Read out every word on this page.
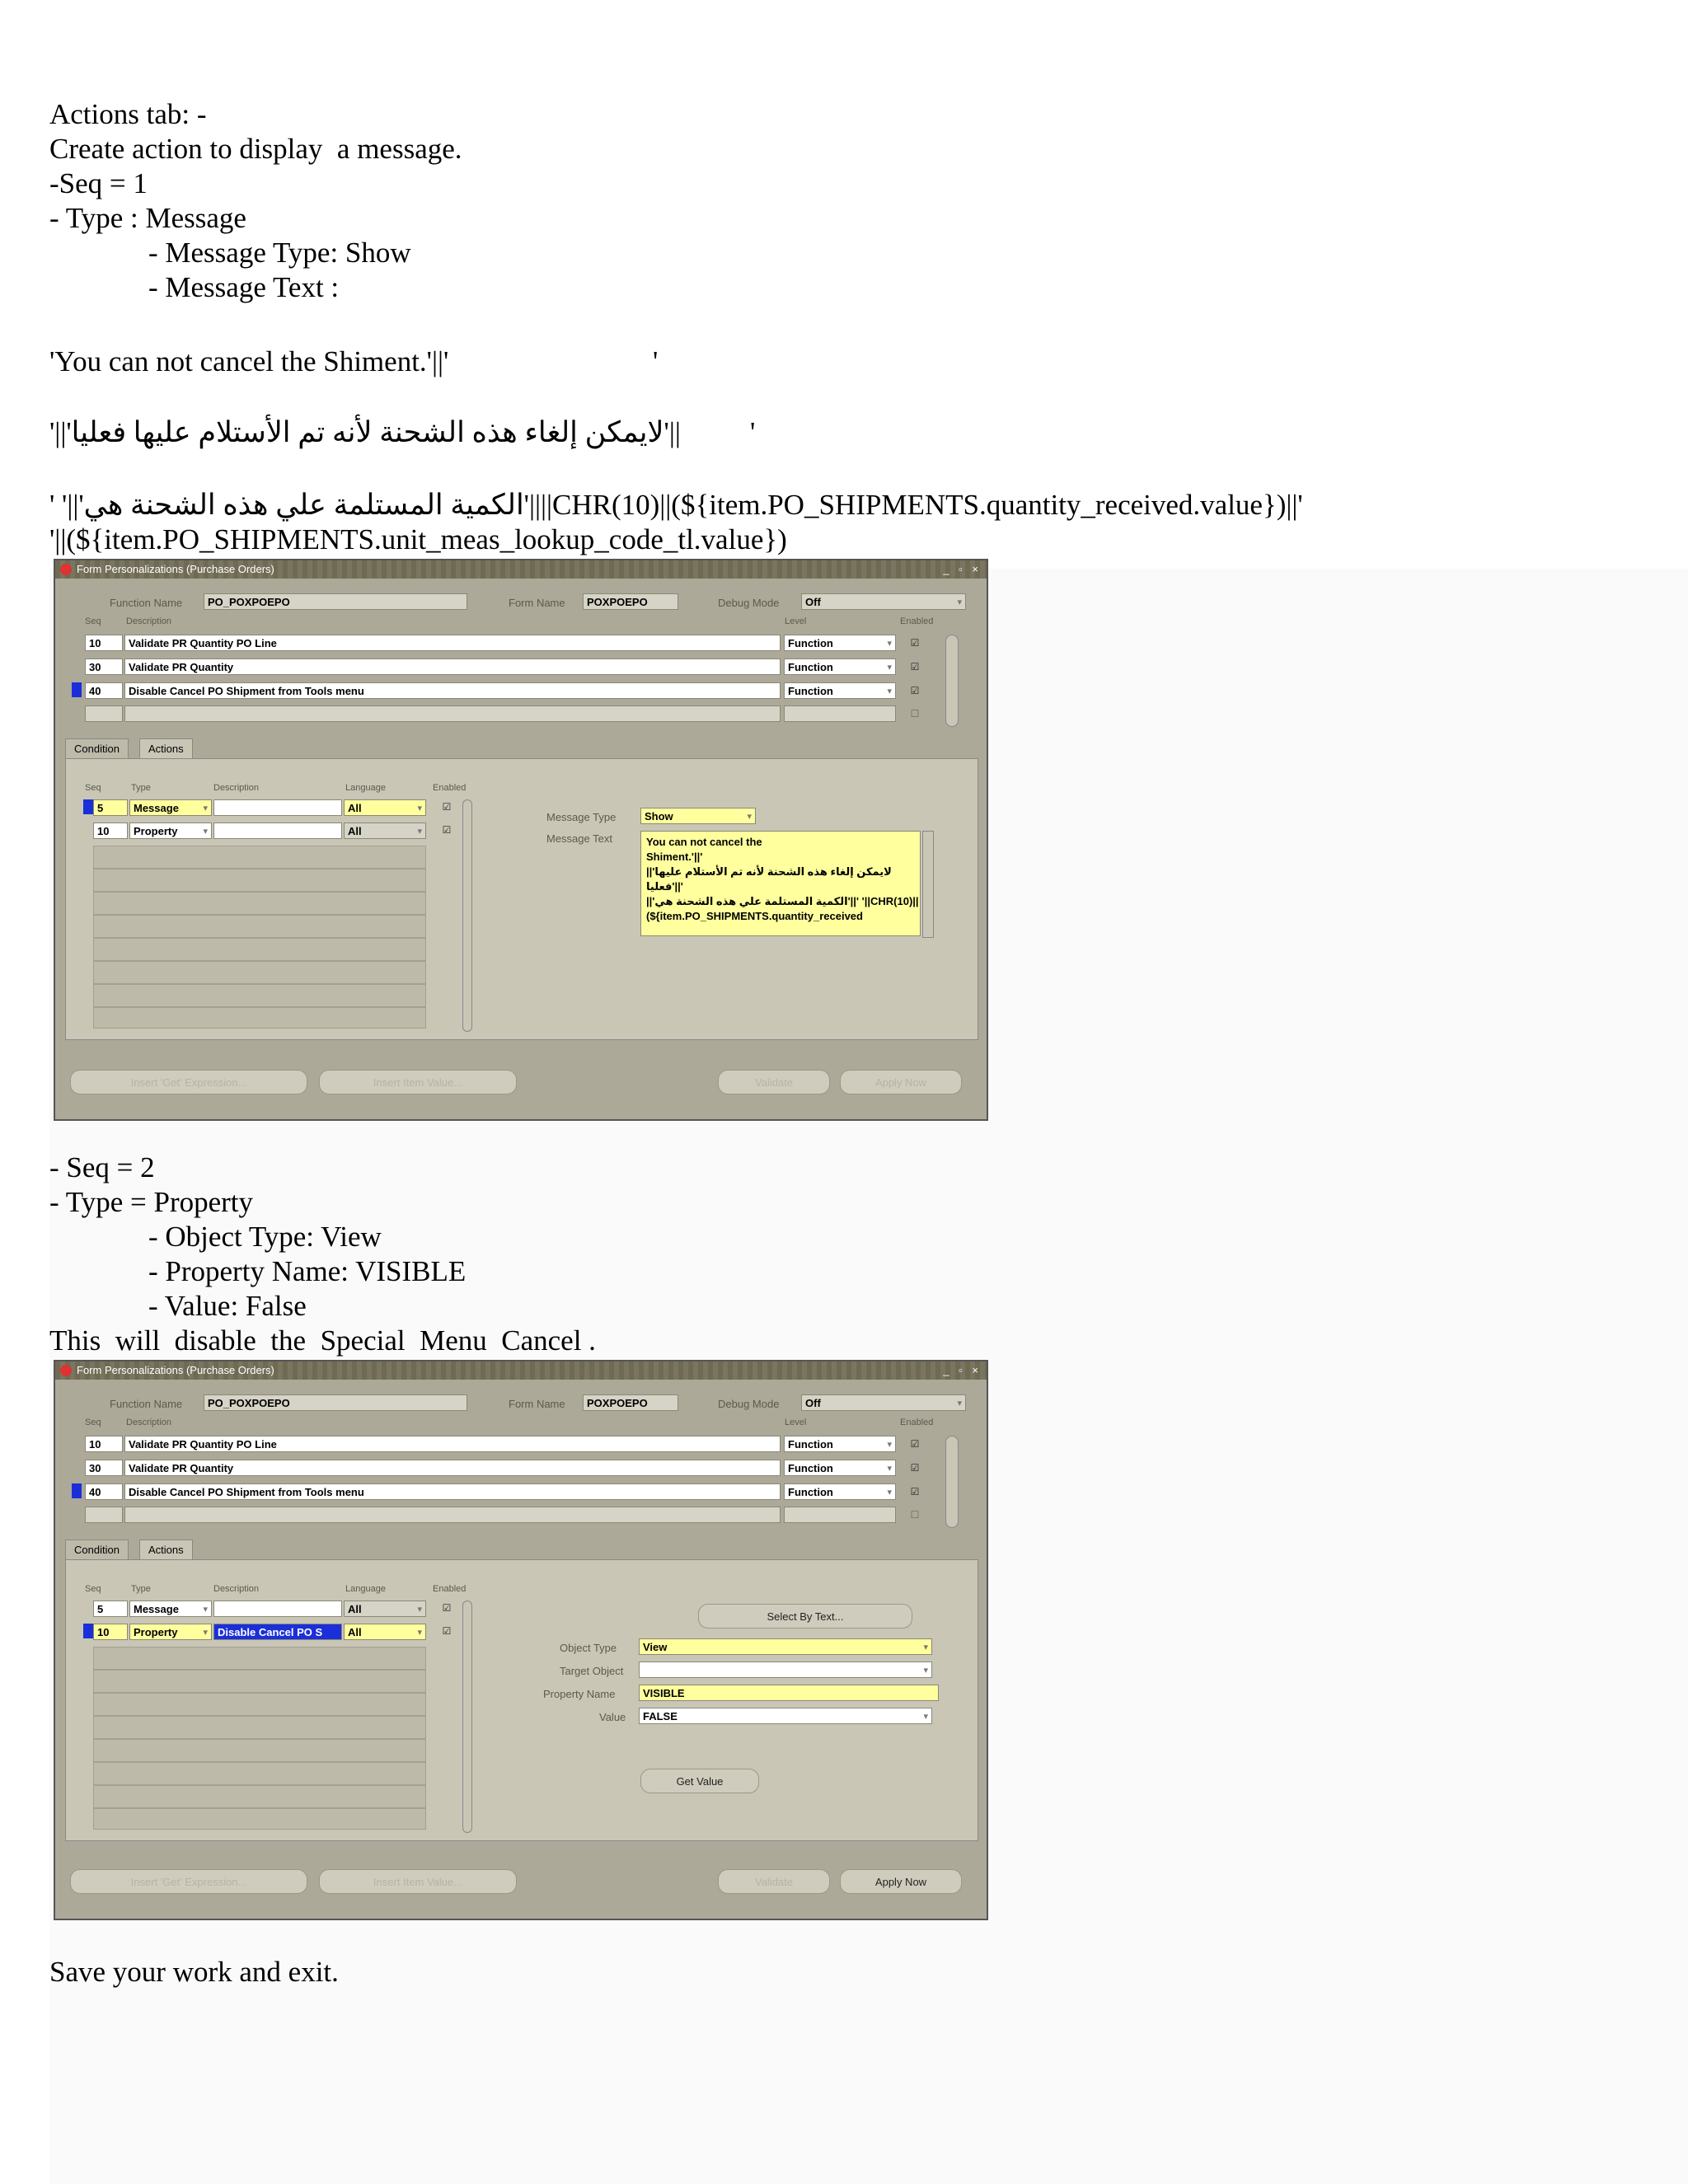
Actions tab: -
Create action to display  a message.
-Seq = 1
- Type : Message
- Message Type: Show
- Message Text :
'You can not cancel the Shiment.'||'	'
||'لايمكن إلغاء هذه الشحنة لأنه تم الأستلام عليها فعليا'||' '
||'الكمية المستلمة علي هذه الشحنة هي'||' '||CHR(10)||(${item.PO_SHIPMENTS.quantity_received.value})||'
'||(${item.PO_SHIPMENTS.unit_meas_lookup_code_tl.value})
Form Personalizations (Purchase Orders)	_ ▫ ×
Function Name	PO_POXPOEPO	Form Name	POXPOEPO	Debug Mode	Off	▾
Seq	Description	Level	Enabled
10	Validate PR Quantity PO Line	Function	▾ ☑
30	Validate PR Quantity	Function	▾ ☑
40	Disable Cancel PO Shipment from Tools menu	Function	▾ ☑
☐
Condition	Actions
Seq	Type	Description	Language	Enabled
5	Message	▾	All	▾ ☑
10	Property	▾	All	▾ ☑
Message Type	Show	▾
Message Text	You can not cancel the
Shiment.'||'
||'لايمكن إلغاء هذه الشحنة لأنه تم الأستلام عليها
فعليا'||'
||'الكمية المستلمة علي هذه الشحنة هي'||' '||CHR(10)||
(${item.PO_SHIPMENTS.quantity_received
Insert 'Get' Expression...	Insert Item Value...	Validate	Apply Now
- Seq = 2
- Type = Property
- Object Type: View
- Property Name: VISIBLE
- Value: False
This  will  disable  the  Special  Menu  Cancel .
Form Personalizations (Purchase Orders)	_ ▫ ×
Function Name	PO_POXPOEPO	Form Name	POXPOEPO	Debug Mode	Off	▾
Seq	Description	Level	Enabled
10	Validate PR Quantity PO Line	Function	▾ ☑
30	Validate PR Quantity	Function	▾ ☑
40	Disable Cancel PO Shipment from Tools menu	Function	▾ ☑
☐
Condition	Actions
Seq	Type	Description	Language	Enabled
5	Message	▾	All	▾ ☑
10	Property	▾ Disable Cancel PO S	All	▾ ☑
Select By Text...
Object Type	View	▾
Target Object	▾
Property Name	VISIBLE
Value	FALSE	▾
Get Value
Insert 'Get' Expression...	Insert Item Value...	Validate	Apply Now
Save your work and exit.
